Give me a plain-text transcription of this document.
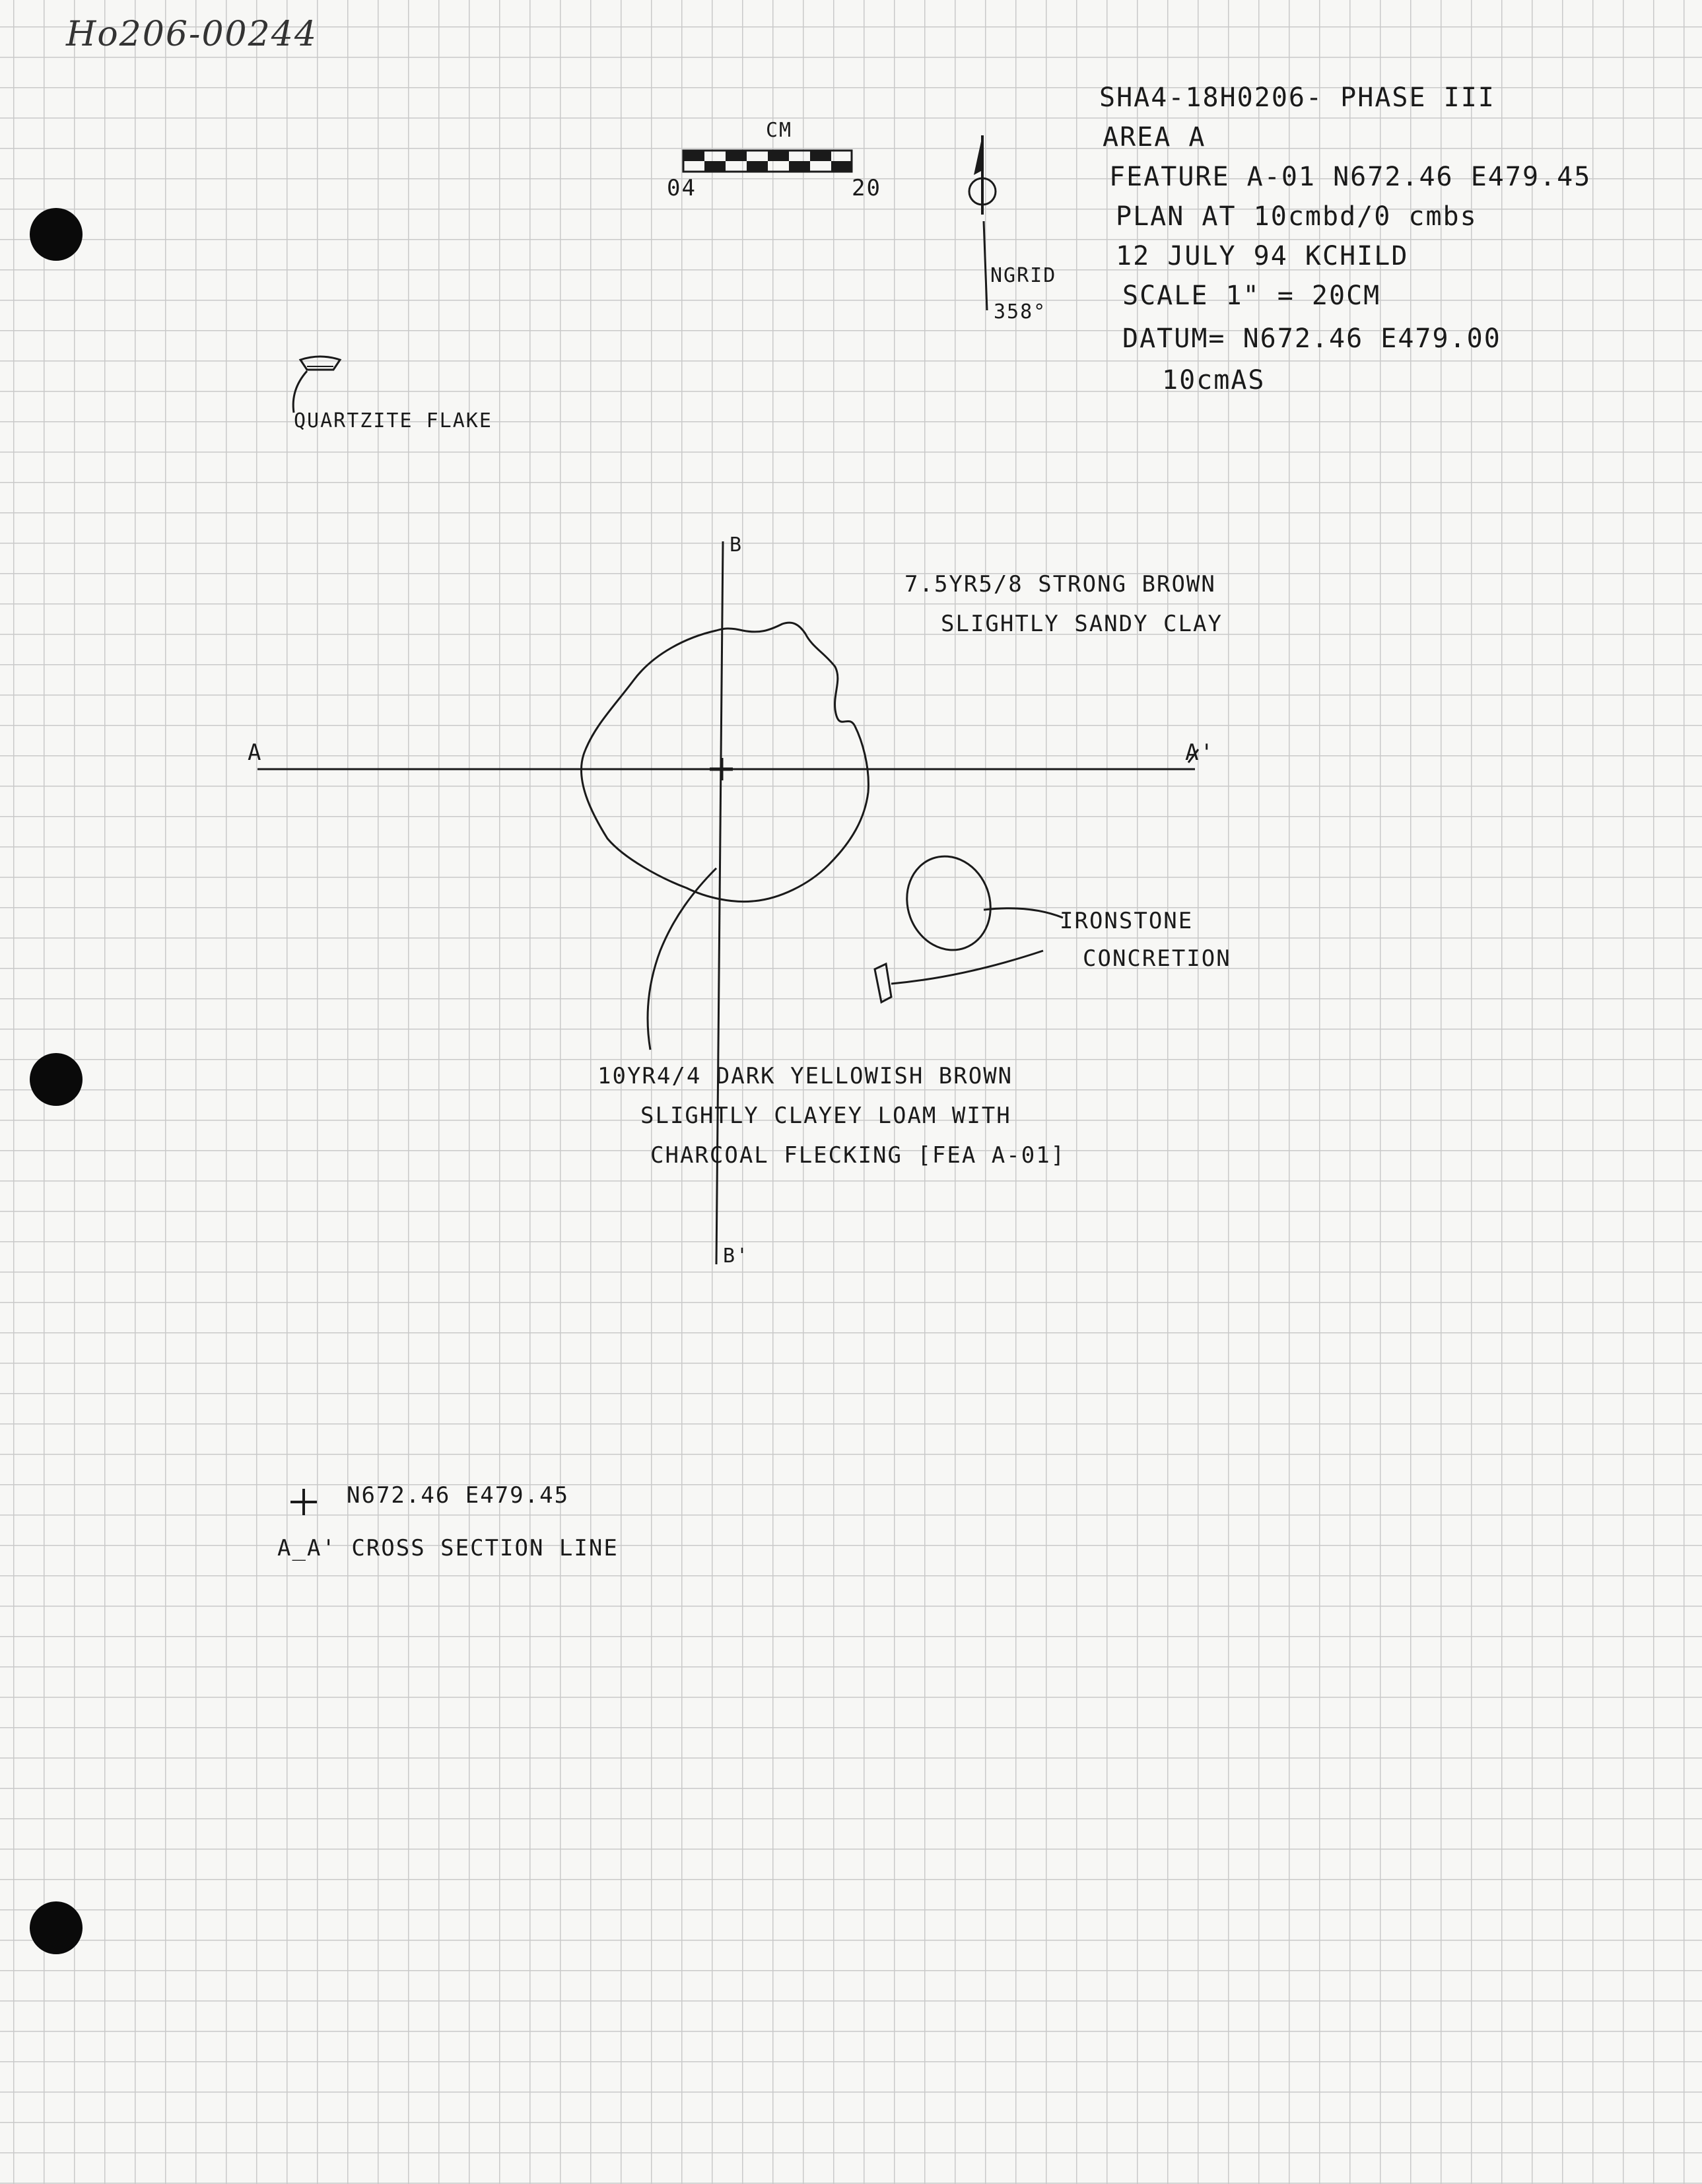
Ho206-00244
SHA4-18H0206- PHASE III
AREA A
FEATURE A-01 N672.46 E479.45
PLAN AT 10cmbd/0 cmbs
12 JULY 94 KCHILD
SCALE 1" = 20CM
DATUM= N672.46 E479.00
10cmAS
CM
04	20
NGRID
358°
QUARTZITE FLAKE
A	A'
B
B'
7.5YR5/8 STRONG BROWN
SLIGHTLY SANDY CLAY
IRONSTONE
CONCRETION
10YR4/4 DARK YELLOWISH BROWN
SLIGHTLY CLAYEY LOAM WITH
CHARCOAL FLECKING [FEA A-01]
N672.46 E479.45
A_A' CROSS SECTION LINE
